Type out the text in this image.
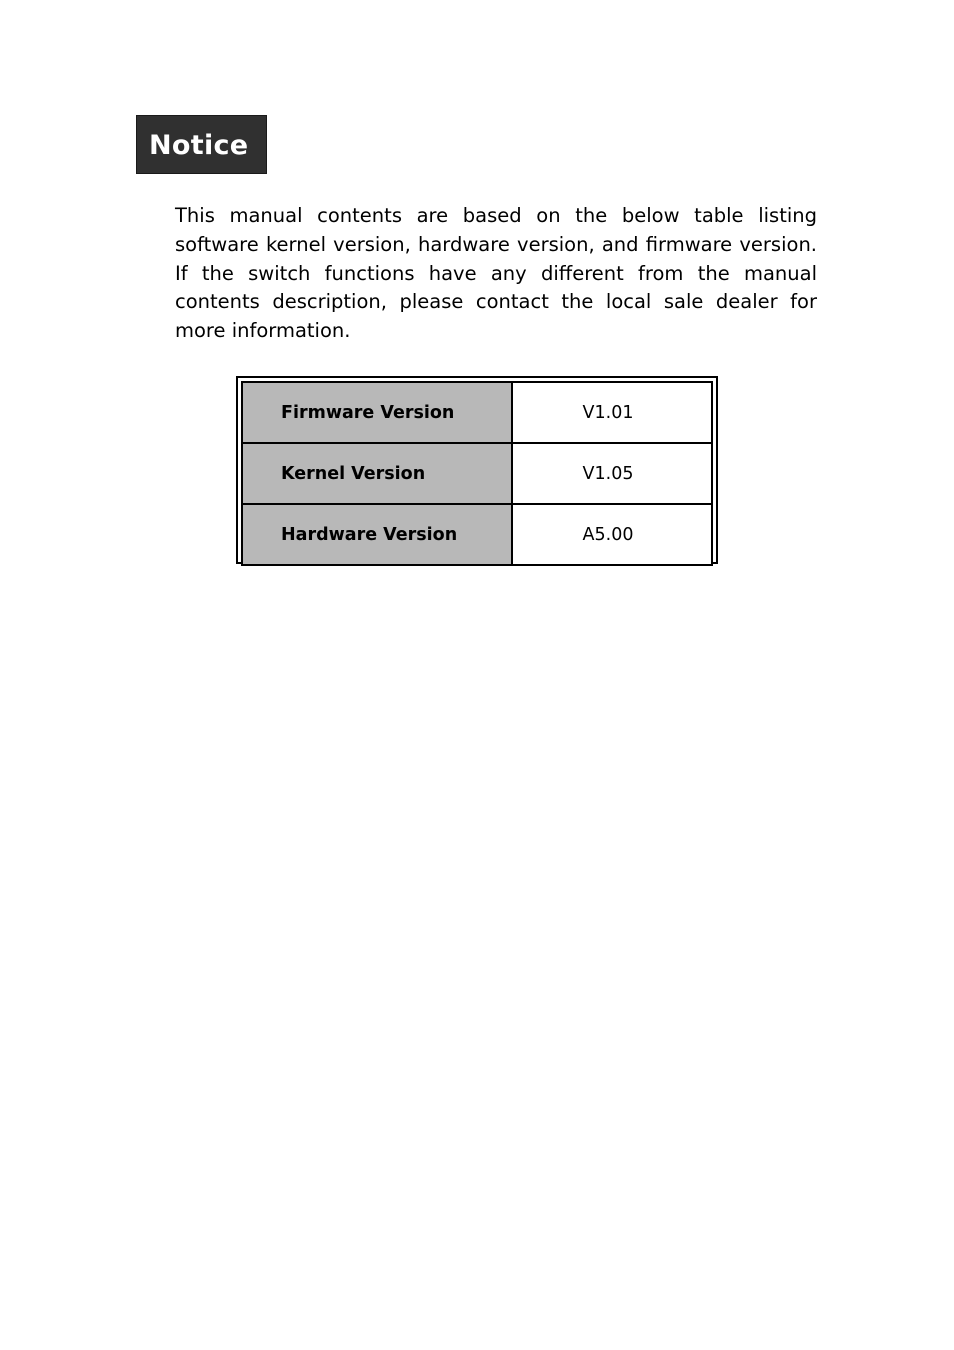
Notice

This manual contents are based on the below table listing software kernel version, hardware version, and firmware version. If the switch functions have any different from the manual contents description, please contact the local sale dealer for more information.

Firmware Version	V1.01
Kernel Version	V1.05
Hardware Version	A5.00
